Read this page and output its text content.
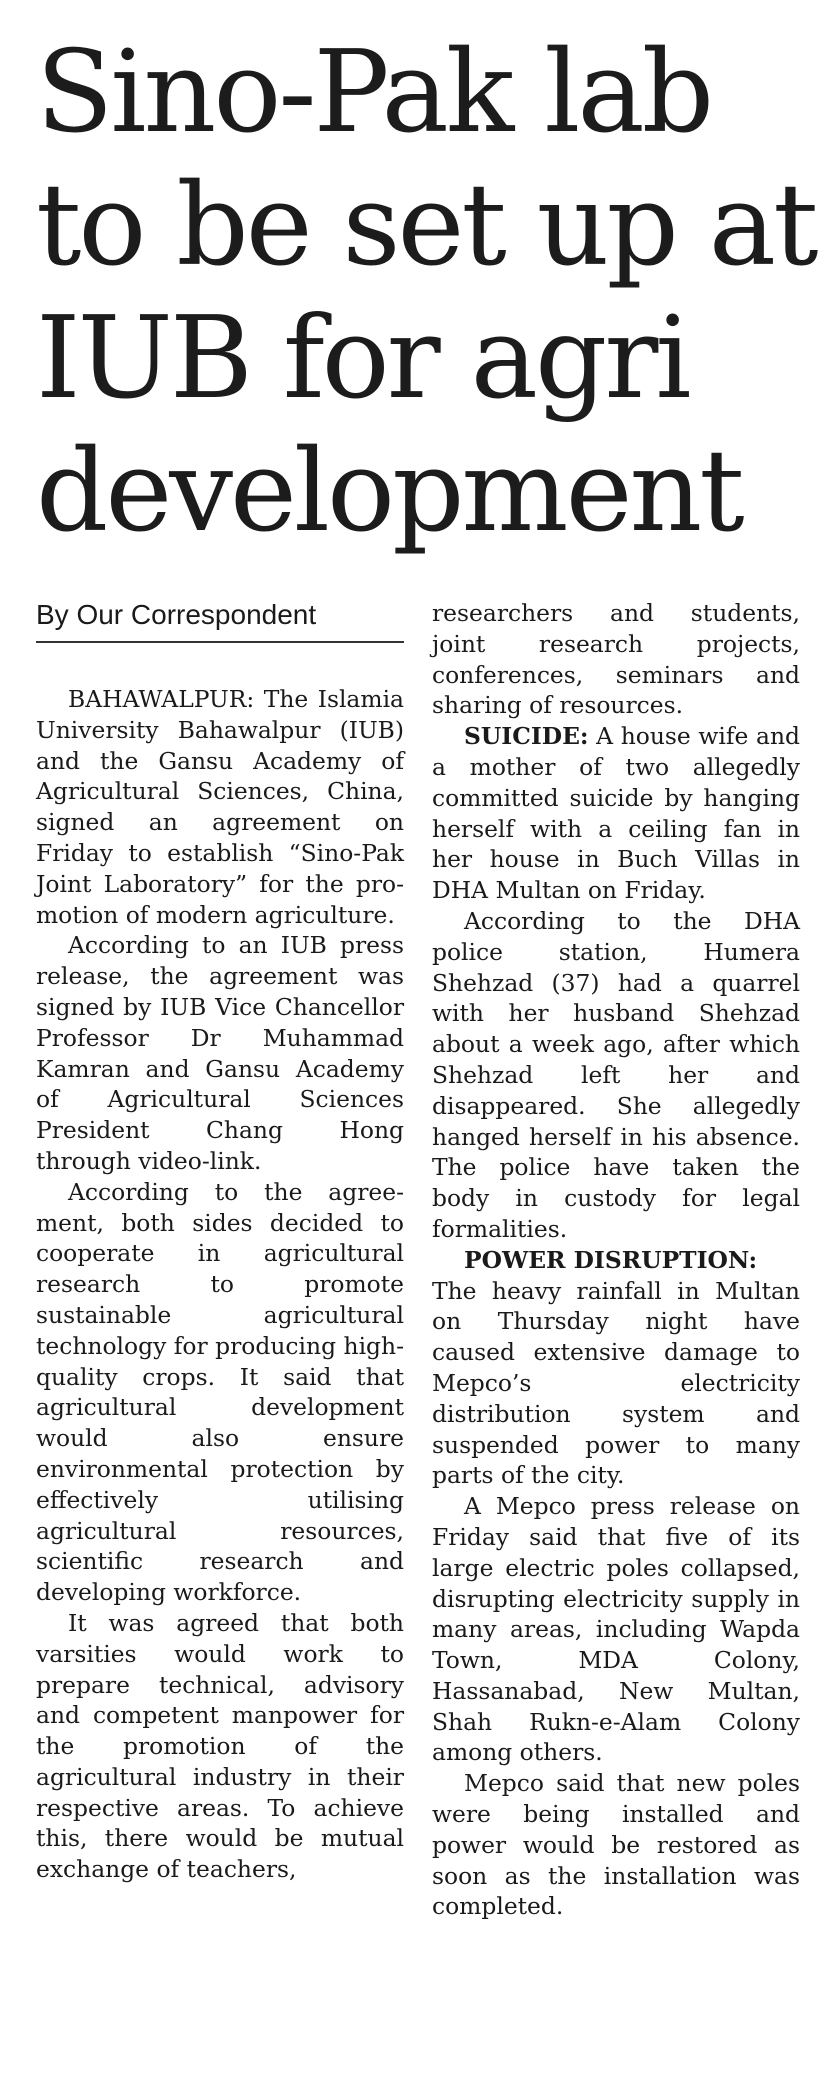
Sino-Pak lab
to be set up at
IUB for agri
development
By Our Correspondent

BAHAWALPUR: The Islamia University Bahawalpur (IUB) and the Gansu Academy of Agricultural Sciences, China, signed an agreement on Friday to establish “Sino-Pak Joint Laboratory” for the promotion of modern agriculture.

According to an IUB press release, the agreement was signed by IUB Vice Chancellor Professor Dr Muhammad Kamran and Gansu Academy of Agricultural Sciences President Chang Hong through video-link.

According to the agreement, both sides decided to cooperate in agricultural research to promote sustainable agricultural technology for producing high-quality crops. It said that agricultural development would also ensure environmental protection by effectively utilising agricultural resources, scientific research and developing workforce.

It was agreed that both varsities would work to prepare technical, advisory and competent manpower for the promotion of the agricultural industry in their respective areas. To achieve this, there would be mutual exchange of teachers,

researchers and students, joint research projects, conferences, seminars and sharing of resources.

SUICIDE: A house wife and a mother of two allegedly committed suicide by hanging herself with a ceiling fan in her house in Buch Villas in DHA Multan on Friday.

According to the DHA police station, Humera Shehzad (37) had a quarrel with her husband Shehzad about a week ago, after which Shehzad left her and disappeared. She allegedly hanged herself in his absence. The police have taken the body in custody for legal formalities.

POWER DISRUPTION:

The heavy rainfall in Multan on Thursday night have caused extensive damage to Mepco’s electricity distribution system and suspended power to many parts of the city.

A Mepco press release on Friday said that five of its large electric poles collapsed, disrupting electricity supply in many areas, including Wapda Town, MDA Colony, Hassanabad, New Multan, Shah Rukn-e-Alam Colony among others.

Mepco said that new poles were being installed and power would be restored as soon as the installation was completed.
